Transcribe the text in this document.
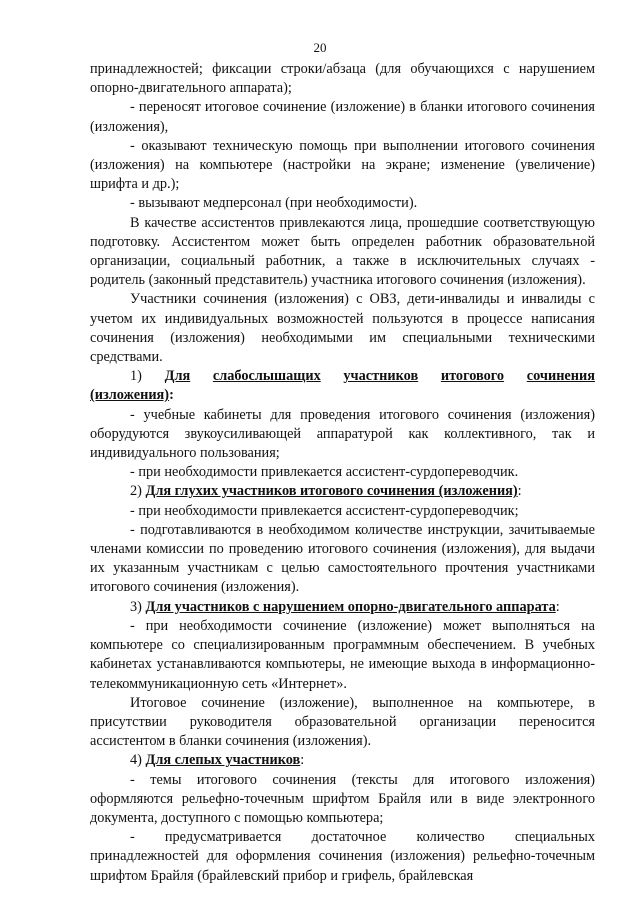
20

принадлежностей; фиксации строки/абзаца (для обучающихся с нарушением опорно-двигательного аппарата);

- переносят итоговое сочинение (изложение) в бланки итогового сочинения (изложения),

- оказывают техническую помощь при выполнении итогового сочинения (изложения) на компьютере (настройки на экране; изменение (увеличение) шрифта и др.);

- вызывают медперсонал (при необходимости).

В качестве ассистентов привлекаются лица, прошедшие соответствующую подготовку. Ассистентом может быть определен работник образовательной организации, социальный работник, а также в исключительных случаях - родитель (законный представитель) участника итогового сочинения (изложения).

Участники сочинения (изложения) с ОВЗ, дети-инвалиды и инвалиды с учетом их индивидуальных возможностей пользуются в процессе написания сочинения (изложения) необходимыми им специальными техническими средствами.

1) Для слабослышащих участников итогового сочинения

(изложения):

- учебные кабинеты для проведения итогового сочинения (изложения) оборудуются звукоусиливающей аппаратурой как коллективного, так и индивидуального пользования;

- при необходимости привлекается ассистент-сурдопереводчик.

2) Для глухих участников итогового сочинения (изложения):

- при необходимости привлекается ассистент-сурдопереводчик;

- подготавливаются в необходимом количестве инструкции, зачитываемые членами комиссии по проведению итогового сочинения (изложения), для выдачи их указанным участникам с целью самостоятельного прочтения участниками итогового сочинения (изложения).

3) Для участников с нарушением опорно-двигательного аппарата:

- при необходимости сочинение (изложение) может выполняться на компьютере со специализированным программным обеспечением. В учебных кабинетах устанавливаются компьютеры, не имеющие выхода в информационно-телекоммуникационную сеть «Интернет».

Итоговое сочинение (изложение), выполненное на компьютере, в присутствии руководителя образовательной организации переносится ассистентом в бланки сочинения (изложения).

4) Для слепых участников:

- темы итогового сочинения (тексты для итогового изложения) оформляются рельефно-точечным шрифтом Брайля или в виде электронного документа, доступного с помощью компьютера;

- предусматривается достаточное количество специальных принадлежностей для оформления сочинения (изложения) рельефно-точечным шрифтом Брайля (брайлевский прибор и грифель, брайлевская
